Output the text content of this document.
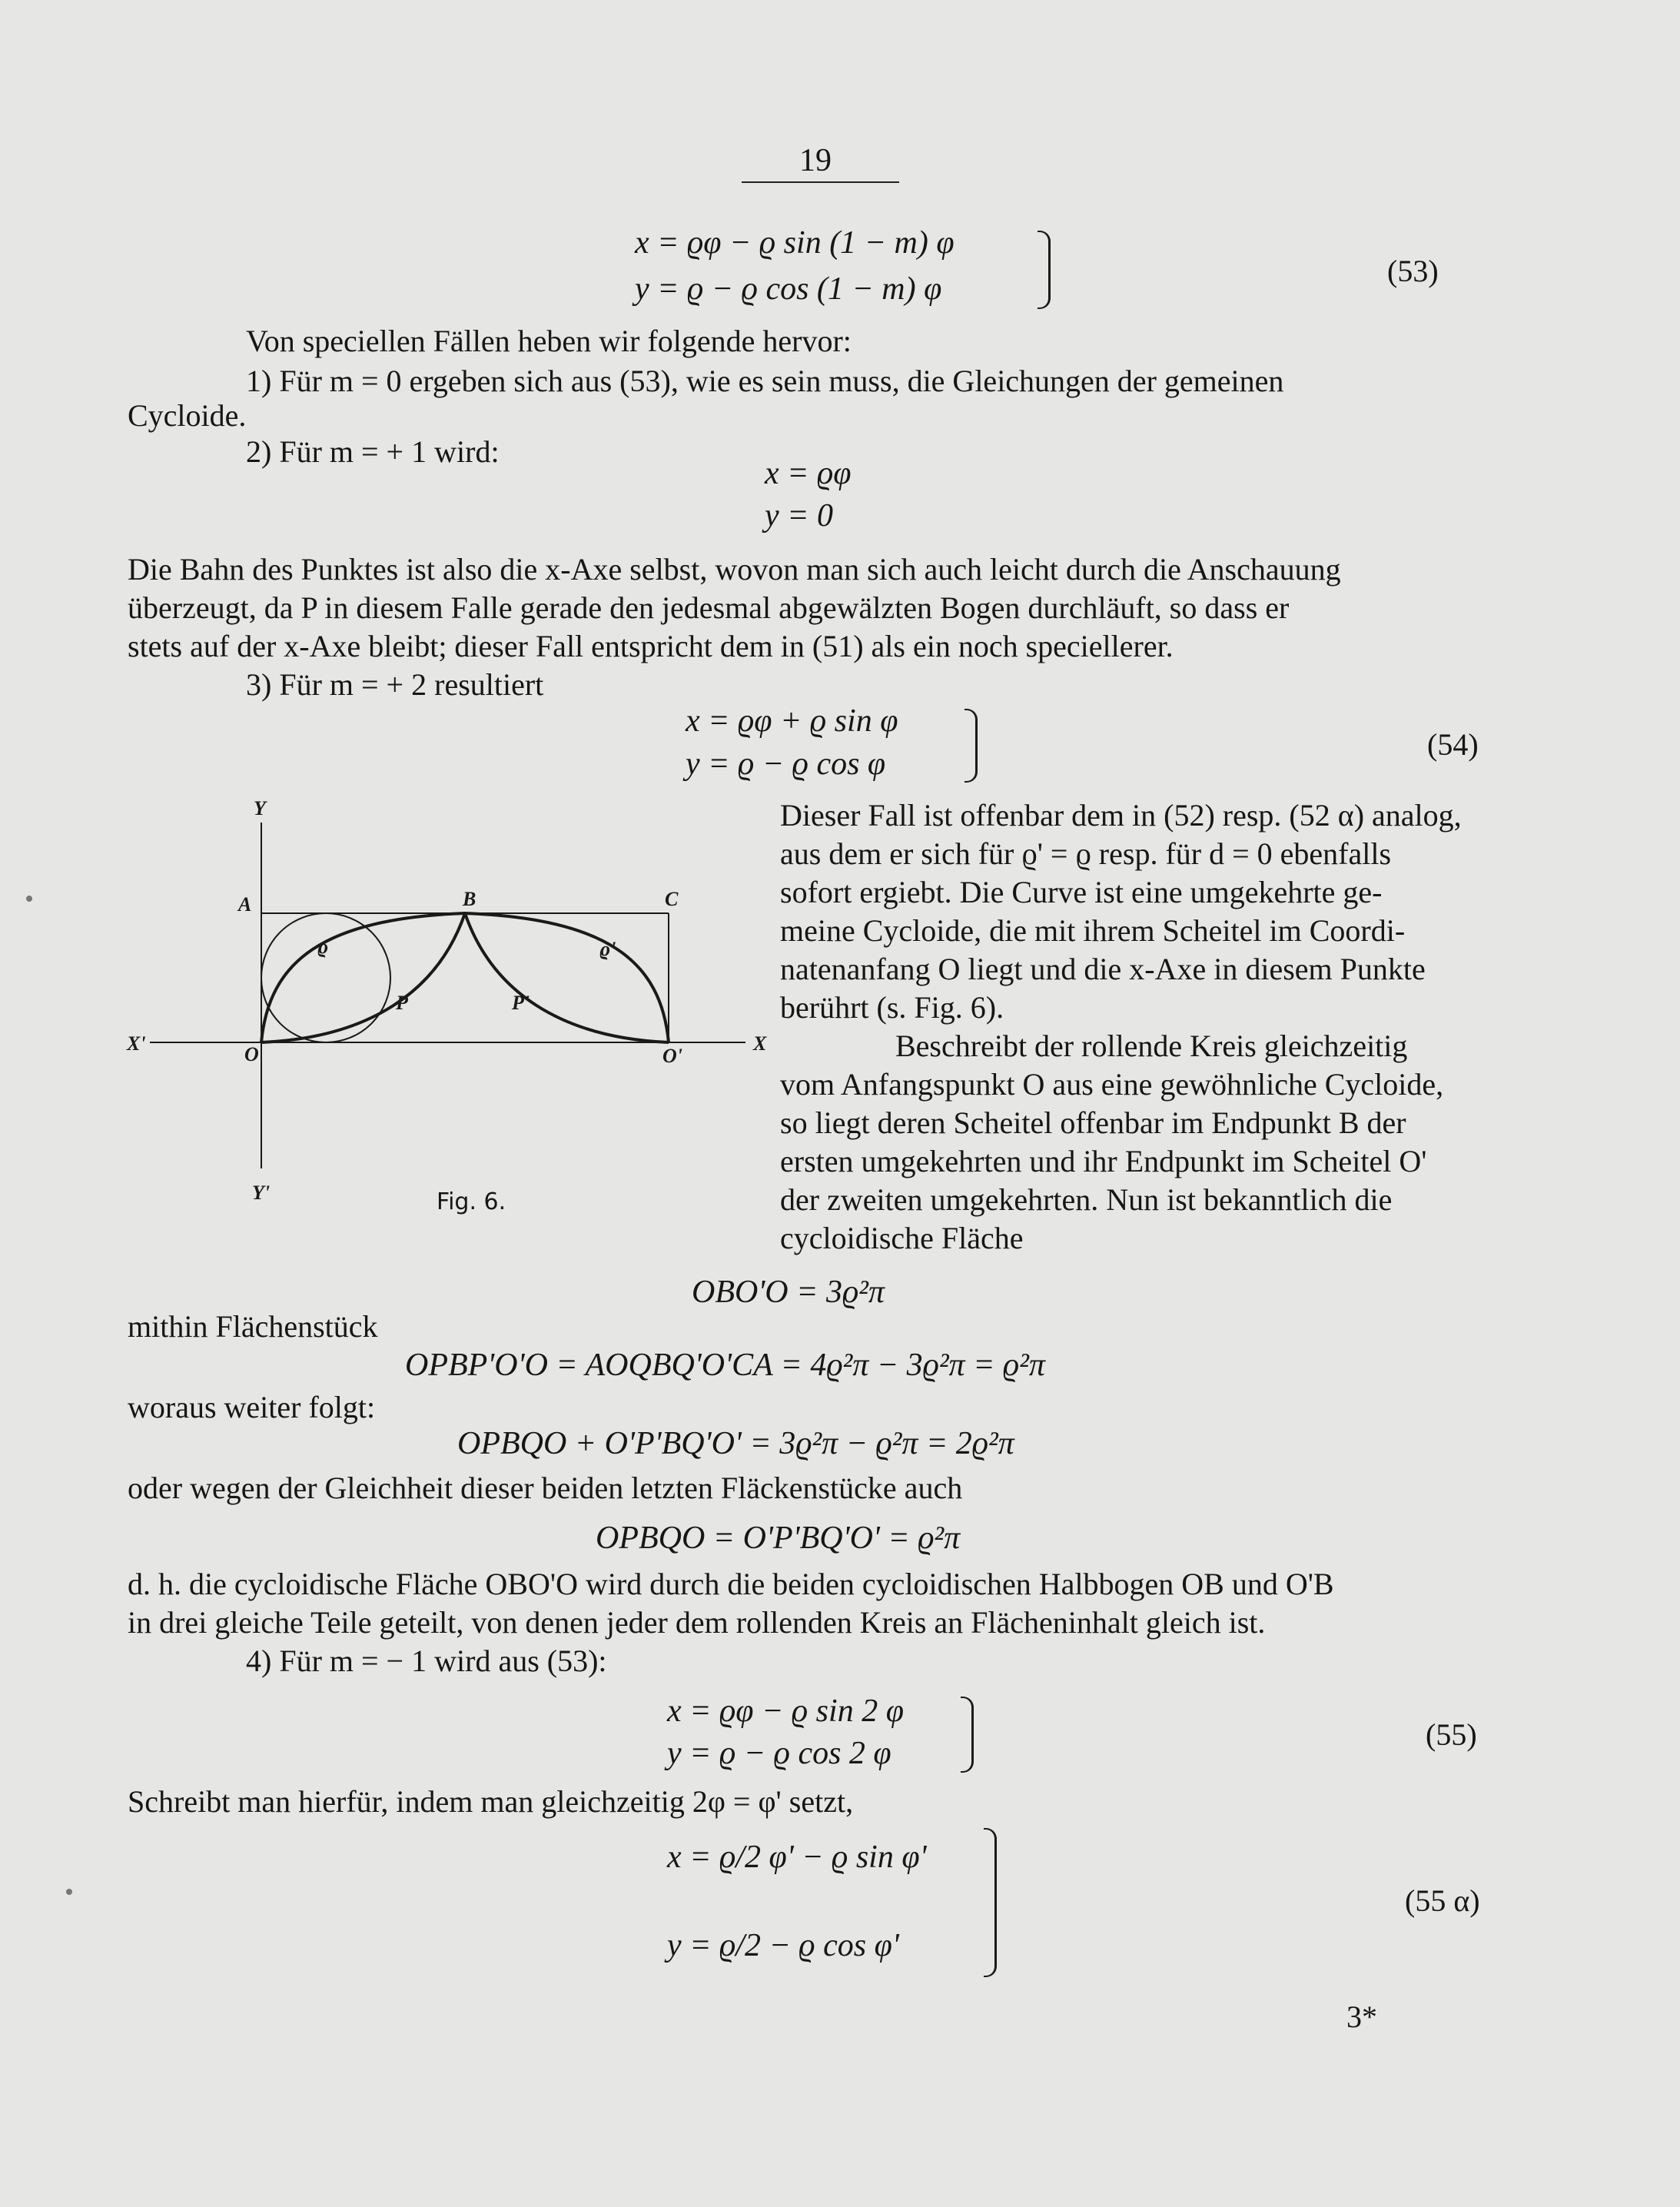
19
x = ϱφ − ϱ sin (1 − m) φ
y = ϱ − ϱ cos (1 − m) φ
(53)
Von speciellen Fällen heben wir folgende hervor:
1) Für m = 0 ergeben sich aus (53), wie es sein muss, die Gleichungen der gemeinen
Cycloide.
2) Für m = + 1 wird:
x = ϱφ
y = 0
Die Bahn des Punktes ist also die x-Axe selbst, wovon man sich auch leicht durch die Anschauung
überzeugt, da P in diesem Falle gerade den jedesmal abgewälzten Bogen durchläuft, so dass er
stets auf der x-Axe bleibt; dieser Fall entspricht dem in (51) als ein noch speciellerer.
3) Für m = + 2 resultiert
x = ϱφ + ϱ sin φ
y = ϱ − ϱ cos φ
(54)
Dieser Fall ist offenbar dem in (52) resp. (52 α) analog,
aus dem er sich für ϱ' = ϱ resp. für d = 0 ebenfalls
sofort ergiebt. Die Curve ist eine umgekehrte ge-
meine Cycloide, die mit ihrem Scheitel im Coordi-
natenanfang O liegt und die x-Axe in diesem Punkte
berührt (s. Fig. 6).
Beschreibt der rollende Kreis gleichzeitig
vom Anfangspunkt O aus eine gewöhnliche Cycloide,
so liegt deren Scheitel offenbar im Endpunkt B der
ersten umgekehrten und ihr Endpunkt im Scheitel O'
der zweiten umgekehrten. Nun ist bekanntlich die
cycloidische Fläche
Y
Y'
X
X'
A	B	C
O	O'
P	P'
ϱ	ϱ'
Fig. 6.
OBO'O = 3ϱ²π
mithin Flächenstück
OPBP'O'O = AOQBQ'O'CA = 4ϱ²π − 3ϱ²π = ϱ²π
woraus weiter folgt:
OPBQO + O'P'BQ'O' = 3ϱ²π − ϱ²π = 2ϱ²π
oder wegen der Gleichheit dieser beiden letzten Fläckenstücke auch
OPBQO = O'P'BQ'O' = ϱ²π
d. h. die cycloidische Fläche OBO'O wird durch die beiden cycloidischen Halbbogen OB und O'B
in drei gleiche Teile geteilt, von denen jeder dem rollenden Kreis an Flächeninhalt gleich ist.
4) Für m = − 1 wird aus (53):
x = ϱφ − ϱ sin 2 φ
y = ϱ − ϱ cos 2 φ
(55)
Schreibt man hierfür, indem man gleichzeitig 2φ = φ' setzt,
x = ϱ/2 φ' − ϱ sin φ'
y = ϱ/2 − ϱ cos φ'
(55 α)
3*
